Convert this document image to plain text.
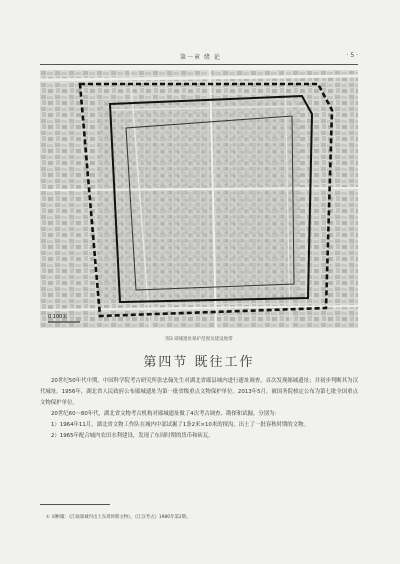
第一章 绪 论	· 5 ·
0 100米
图3 郧城遗址保护范围及建设地带
第四节 既往工作

20世纪50年代中期，中国科学院考古研究所张忠翰先生对湖北省郧县城内进行遗址调查，首次发现郧城遗址；并初步判断其为汉代城址。1956年，湖北省人民政府公布郧城遗址为第一批省级重点文物保护单位。2013年5月，被国务院核定公布为第七批全国重点文物保护单位。

20世纪60～80年代，湖北省文物考古机构对郧城遗址做了4次考古调查、勘探和试掘。分别为：

1）1964年11月，湖北省文物工作队在城内中部试掘了1条2米×10米的探沟，出土了一批春秋时期的文物。

2）1965年配合城内农田水利建设，发现了东周时期的货币和砖瓦。

① 刘彬徽：《江陵郧城内出土东周时期文物》，《江汉考古》1980年第2期。
